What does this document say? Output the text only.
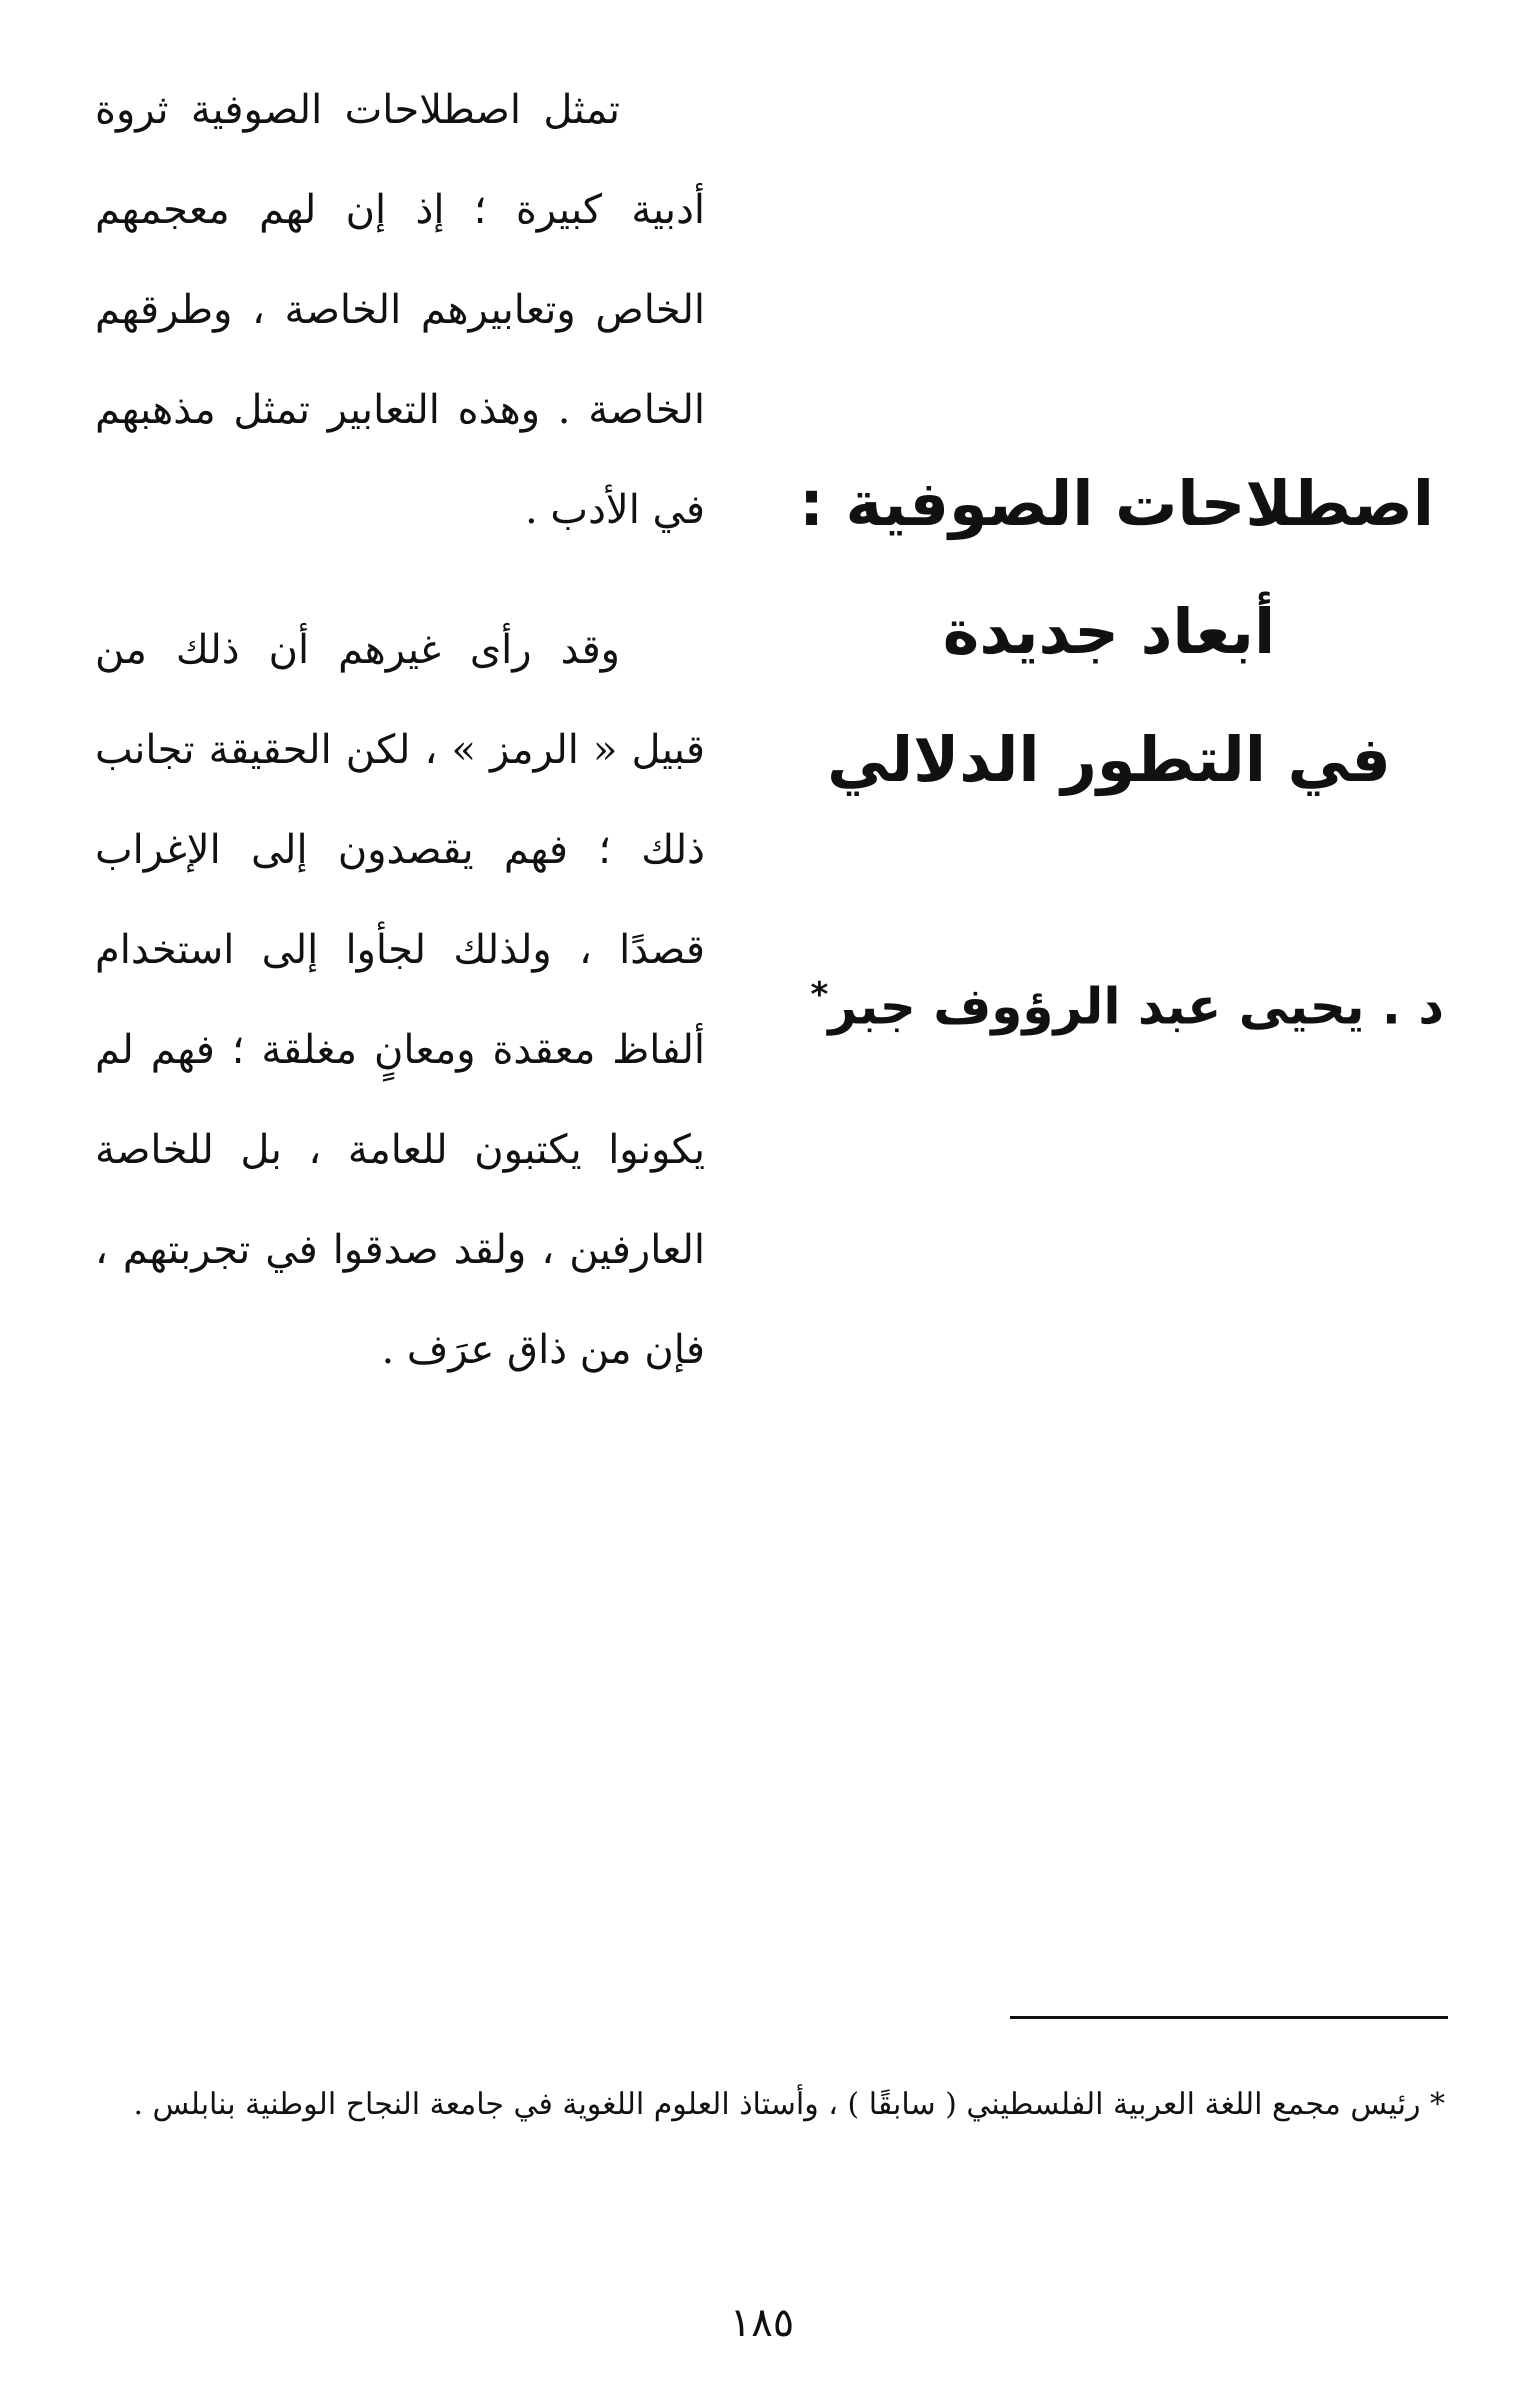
اصطلاحات الصوفية :
أبعاد جديدة
في التطور الدلالي
د . يحيى عبد الرؤوف جبر*

تمثل اصطلاحات الصوفية ثروة أدبية كبيرة ؛ إذ إن لهم معجمهم الخاص وتعابيرهم الخاصة ، وطرقهم الخاصة . وهذه التعابير تمثل مذهبهم في الأدب .

وقد رأى غيرهم أن ذلك من قبيل « الرمز » ، لكن الحقيقة تجانب ذلك ؛ فهم يقصدون إلى الإغراب قصدًا ، ولذلك لجأوا إلى استخدام ألفاظ معقدة ومعانٍ مغلقة ؛ فهم لم يكونوا يكتبون للعامة ، بل للخاصة العارفين ، ولقد صدقوا في تجربتهم ، فإن من ذاق عرَف .

* رئيس مجمع اللغة العربية الفلسطيني ( سابقًا ) ، وأستاذ العلوم اللغوية في جامعة النجاح الوطنية بنابلس .
١٨٥
